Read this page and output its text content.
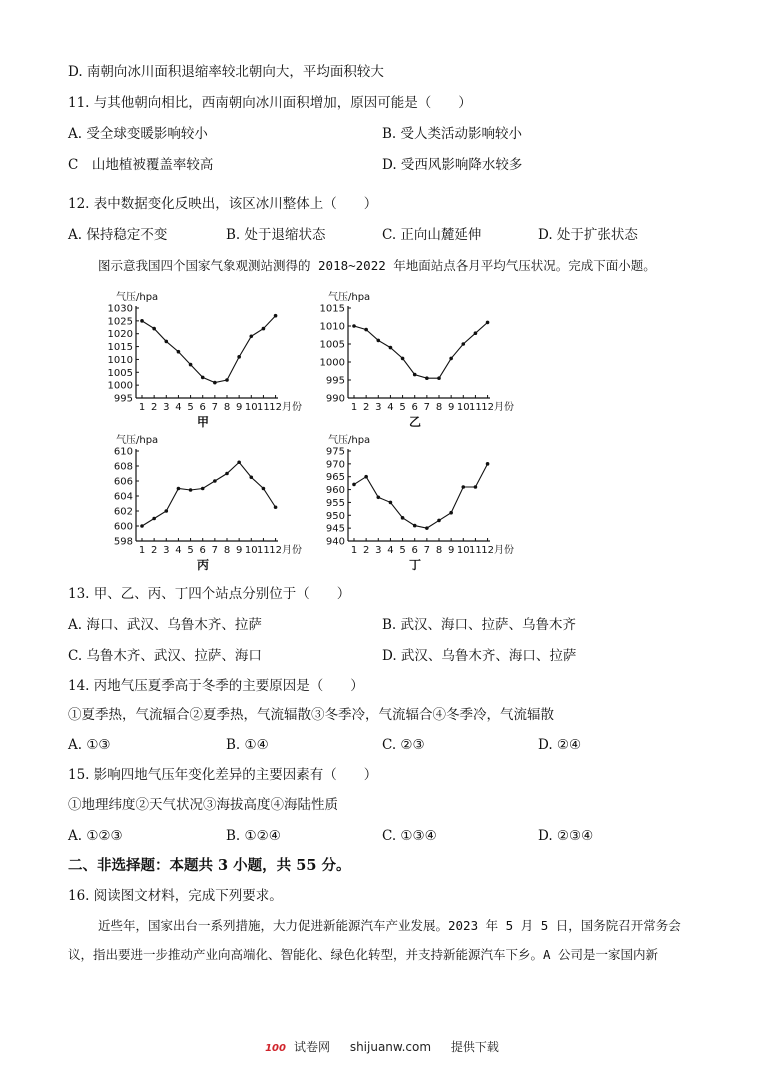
D. 南朝向冰川面积退缩率较北朝向大，平均面积较大
11. 与其他朝向相比，西南朝向冰川面积增加，原因可能是（　　）
A. 受全球变暖影响较小	B. 受人类活动影响较小
C　山地植被覆盖率较高	D. 受西风影响降水较多
12. 表中数据变化反映出，该区冰川整体上（　　）
A. 保持稳定不变	B. 处于退缩状态	C. 正向山麓延伸	D. 处于扩张状态
图示意我国四个国家气象观测站测得的 2018~2022 年地面站点各月平均气压状况。完成下面小题。
气压/hpa
995
1000
1005
1010
1015
1020
1025
1030
1 2 3 4 5 6 7 8 9 10 11 12 月份
甲
气压/hpa
990
995
1000
1005
1010
1015
1 2 3 4 5 6 7 8 9 10 11 12 月份
乙
气压/hpa
598
600
602
604
606
608
610
1 2 3 4 5 6 7 8 9 10 11 12 月份
丙
气压/hpa
940
945
950
955
960
965
970
975
1 2 3 4 5 6 7 8 9 10 11 12 月份
丁
13. 甲、乙、丙、丁四个站点分别位于（　　）
A. 海口、武汉、乌鲁木齐、拉萨	B. 武汉、海口、拉萨、乌鲁木齐
C. 乌鲁木齐、武汉、拉萨、海口	D. 武汉、乌鲁木齐、海口、拉萨
14. 丙地气压夏季高于冬季的主要原因是（　　）
①夏季热，气流辐合②夏季热，气流辐散③冬季冷，气流辐合④冬季冷，气流辐散
A. ①③	B. ①④	C. ②③	D. ②④
15. 影响四地气压年变化差异的主要因素有（　　）
①地理纬度②天气状况③海拔高度④海陆性质
A. ①②③	B. ①②④	C. ①③④	D. ②③④
二、非选择题：本题共 3 小题，共 55 分。
16. 阅读图文材料，完成下列要求。
近些年，国家出台一系列措施，大力促进新能源汽车产业发展。2023 年 5 月 5 日，国务院召开常务会
议，指出要进一步推动产业向高端化、智能化、绿色化转型，并支持新能源汽车下乡。A 公司是一家国内新
100 试卷网 shijuanw.com 提供下载
